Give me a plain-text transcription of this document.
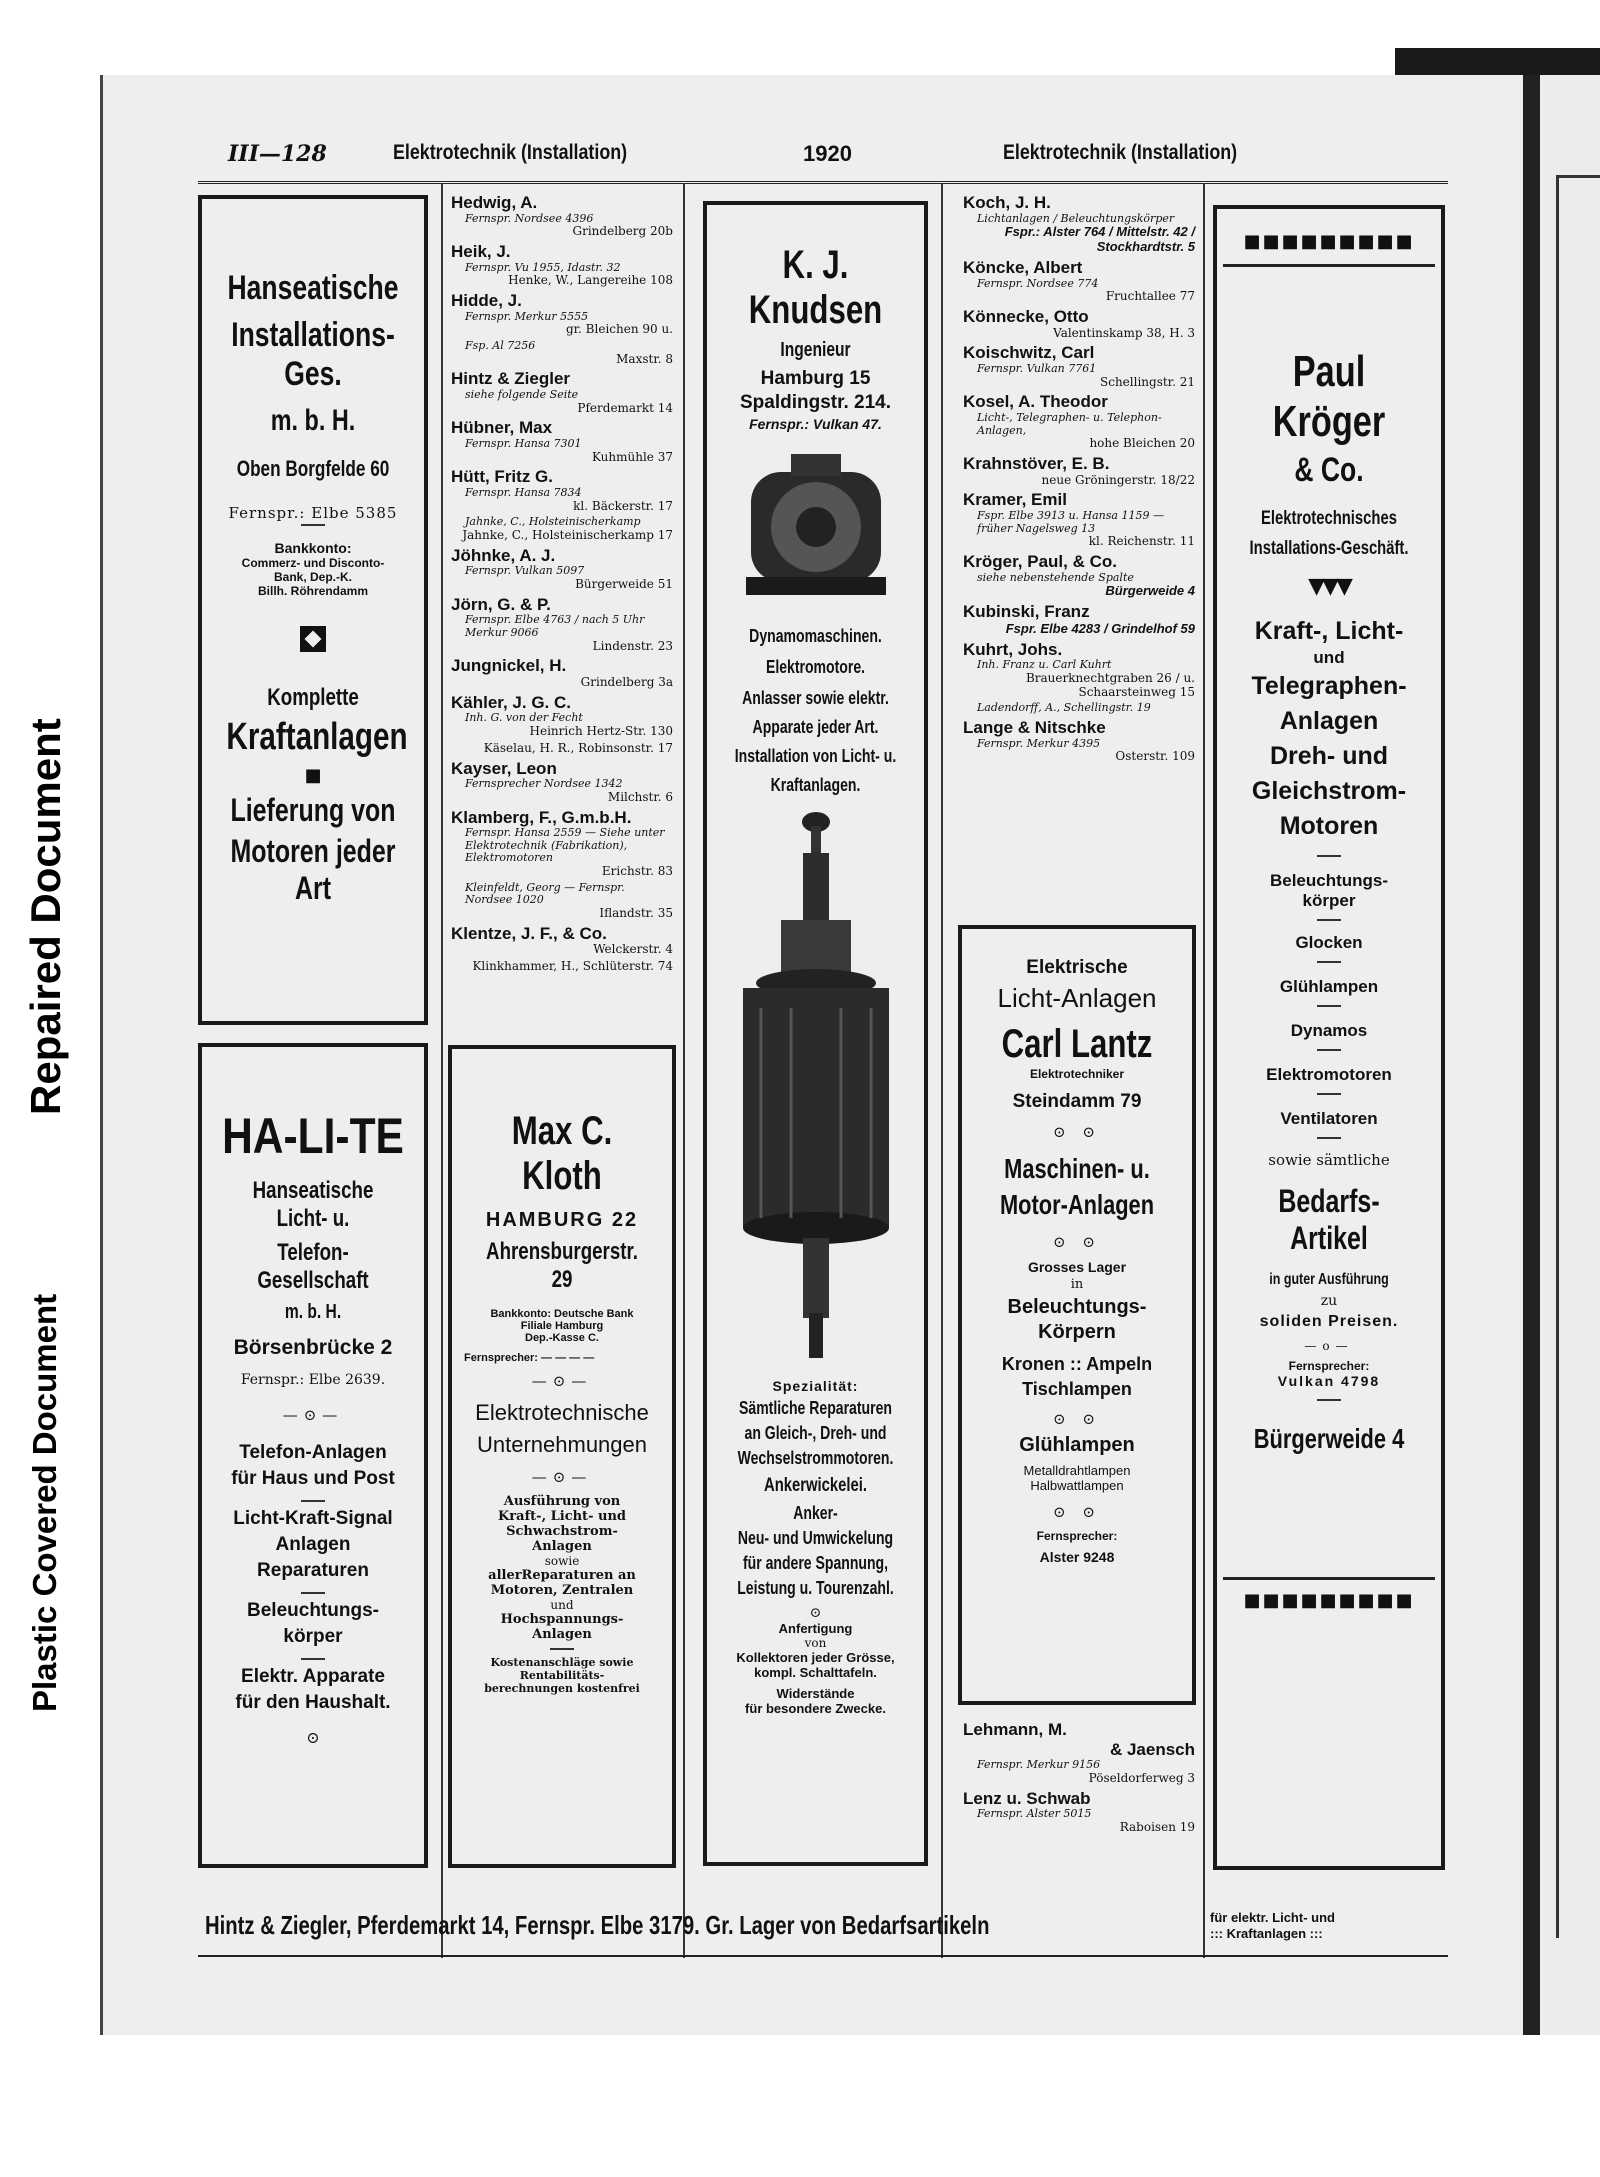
Repaired Document
Plastic Covered Document
III—128	Elektrotechnik (Installation)	1920	Elektrotechnik (Installation)
Hanseatische
Installations-Ges.
m. b. H.
Oben Borgfelde 60
Fernspr.: Elbe 5385
Bankkonto:
Commerz- und Disconto-
Bank, Dep.-K.
Billh. Röhrendamm
Komplette
Kraftanlagen
■
Lieferung von
Motoren jeder Art
HA-LI-TE
Hanseatische Licht- u.
Telefon-Gesellschaft
m. b. H.
Börsenbrücke 2
Fernspr.: Elbe 2639.
—⊙—
Telefon-Anlagen
für Haus und Post
Licht-Kraft-Signal
Anlagen
Reparaturen
Beleuchtungs-
körper
Elektr. Apparate
für den Haushalt.
⊙
Hedwig, A.
Fernspr. Nordsee 4396
Grindelberg 20b
Heik, J.
Fernspr. Vu 1955, Idastr. 32
Henke, W., Langereihe 108
Hidde, J.
Fernspr. Merkur 5555
gr. Bleichen 90 u.
Fsp. Al 7256
Maxstr. 8
Hintz & Ziegler
siehe folgende Seite
Pferdemarkt 14
Hübner, Max
Fernspr. Hansa 7301
Kuhmühle 37
Hütt, Fritz G.
Fernspr. Hansa 7834
kl. Bäckerstr. 17
Jahnke, C., Holsteinischerkamp
Jahnke, C., Holsteinischerkamp 17
Jöhnke, A. J.
Fernspr. Vulkan 5097
Bürgerweide 51
Jörn, G. & P.
Fernspr. Elbe 4763 / nach 5 Uhr Merkur 9066
Lindenstr. 23
Jungnickel, H.
Grindelberg 3a
Kähler, J. G. C.
Inh. G. von der Fecht
Heinrich Hertz-Str. 130
Käselau, H. R., Robinsonstr. 17
Kayser, Leon
Fernsprecher Nordsee 1342
Milchstr. 6
Klamberg, F., G.m.b.H.
Fernspr. Hansa 2559 — Siehe unter Elektrotechnik (Fabrikation), Elektromotoren
Erichstr. 83
Kleinfeldt, Georg — Fernspr. Nordsee 1020
Iflandstr. 35
Klentze, J. F., & Co.
Welckerstr. 4
Klinkhammer, H., Schlüterstr. 74
Max C. Kloth
HAMBURG 22
Ahrensburgerstr. 29
Bankkonto: Deutsche Bank
Filiale Hamburg
Dep.-Kasse C.
Fernsprecher: — — — —
—⊙—
Elektrotechnische
Unternehmungen
—⊙—
Ausführung von
Kraft-, Licht- und
Schwachstrom-
Anlagen
sowie
allerReparaturen an
Motoren, Zentralen
und
Hochspannungs-
Anlagen
Kostenanschläge sowie
Rentabilitäts-
berechnungen kostenfrei
K. J. Knudsen
Ingenieur
Hamburg 15
Spaldingstr. 214.
Fernspr.: Vulkan 47.
Dynamomaschinen.
Elektromotore.
Anlasser sowie elektr.
Apparate jeder Art.
Installation von Licht- u.
Kraftanlagen.
Spezialität:
Sämtliche Reparaturen
an Gleich-, Dreh- und
Wechselstrommotoren.
Ankerwickelei.
Anker-
Neu- und Umwickelung
für andere Spannung,
Leistung u. Tourenzahl.
⊙
Anfertigung
von
Kollektoren jeder Grösse,
kompl. Schalttafeln.
Widerstände
für besondere Zwecke.
Koch, J. H.
Lichtanlagen / Beleuchtungskörper
Fspr.: Alster 764 / Mittelstr. 42 / Stockhardtstr. 5
Köncke, Albert
Fernspr. Nordsee 774
Fruchtallee 77
Könnecke, Otto
Valentinskamp 38, H. 3
Koischwitz, Carl
Fernspr. Vulkan 7761
Schellingstr. 21
Kosel, A. Theodor
Licht-, Telegraphen- u. Telephon-Anlagen,
hohe Bleichen 20
Krahnstöver, E. B.
neue Gröningerstr. 18/22
Kramer, Emil
Fspr. Elbe 3913 u. Hansa 1159 — früher Nagelsweg 13
kl. Reichenstr. 11
Kröger, Paul, & Co.
siehe nebenstehende Spalte
Bürgerweide 4
Kubinski, Franz
Fspr. Elbe 4283 / Grindelhof 59
Kuhrt, Johs.
Inh. Franz u. Carl Kuhrt
Brauerknechtgraben 26 / u. Schaarsteinweg 15
Ladendorff, A., Schellingstr. 19
Lange & Nitschke
Fernspr. Merkur 4395
Osterstr. 109
Elektrische
Licht-Anlagen
Carl Lantz
Elektrotechniker
Steindamm 79
⊙ ⊙
Maschinen- u.
Motor-Anlagen
⊙ ⊙
Grosses Lager
in
Beleuchtungs-
Körpern
Kronen :: Ampeln
Tischlampen
⊙ ⊙
Glühlampen
Metalldrahtlampen
Halbwattlampen
⊙ ⊙
Fernsprecher:
Alster 9248
Lehmann, M.
& Jaensch
Fernspr. Merkur 9156
Pöseldorferweg 3
Lenz u. Schwab
Fernspr. Alster 5015
Raboisen 19
■■■■■■■■■
Paul Kröger
& Co.
Elektrotechnisches
Installations-Geschäft.
▼▼▼
Kraft-, Licht-
und
Telegraphen-
Anlagen
Dreh- und
Gleichstrom-
Motoren
Beleuchtungs-
körper
Glocken
Glühlampen
Dynamos
Elektromotoren
Ventilatoren
sowie sämtliche
Bedarfs-Artikel
in guter Ausführung
zu
soliden Preisen.
—o—
Fernsprecher:
Vulkan 4798
Bürgerweide 4
■■■■■■■■■
Hintz & Ziegler, Pferdemarkt 14, Fernspr. Elbe 3179. Gr. Lager von Bedarfsartikeln	für elektr. Licht- und
::: Kraftanlagen :::
